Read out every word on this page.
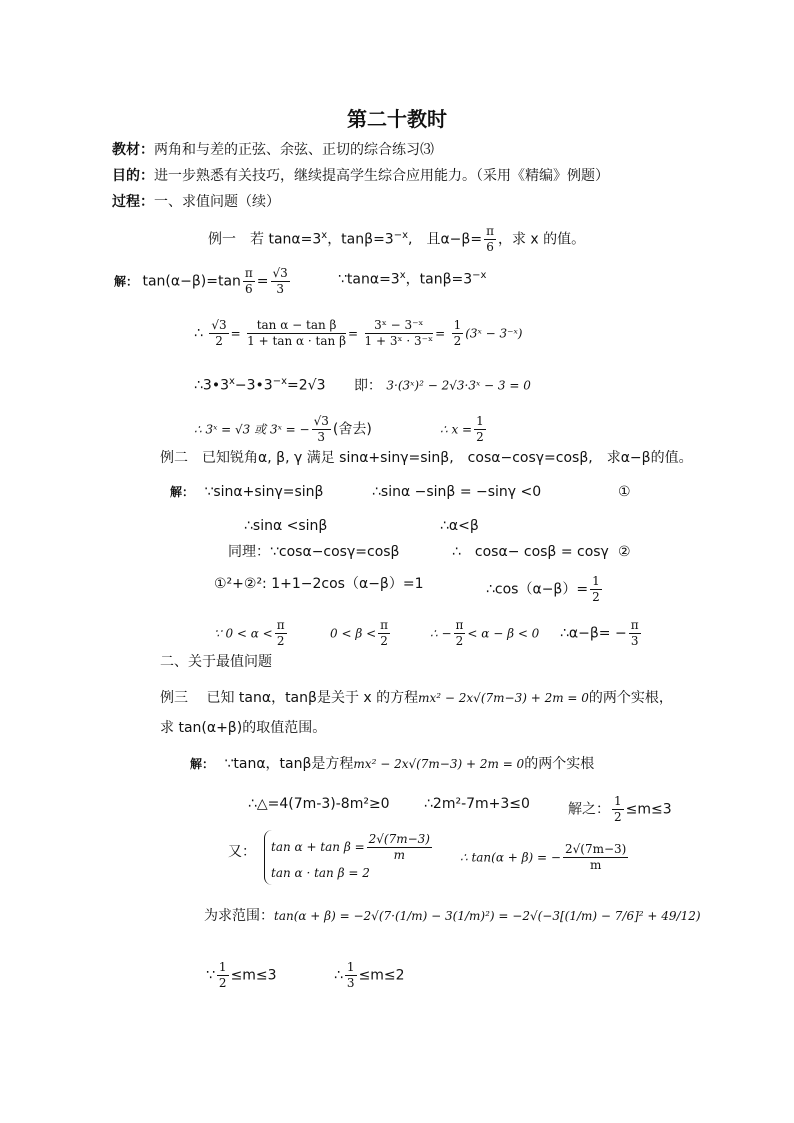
第二十教时
教材：两角和与差的正弦、余弦、正切的综合练习⑶
目的：进一步熟悉有关技巧，继续提高学生综合应用能力。（采用《精编》例题）
过程：一、求值问题（续）
例一　若 $\tan\alpha=3^x$，$\tan\beta=3^{-x}$,　且$\alpha-\beta= \frac{\pi}{6}$ ，求 x 的值。
解： $\tan(\alpha-\beta)=\tan \frac{\pi}{6} = \frac{√3}{3}$	$\because\tan\alpha=3^x$，$\tan\beta=3^{-x}$
∴ $\frac{√3}{2} = \frac{\text{tan α − tan β}}{\text{1 + tan α · tan β}} = \frac{\text{3ˣ − 3⁻ˣ}}{\text{1 + 3ˣ · 3⁻ˣ}} = \frac{1}{2}$ (3ˣ − 3⁻ˣ)
$\therefore 3•3^x-3•3^{-x}=2√3$ 即： 3·(3ˣ)² − 2√3·3ˣ − 3 = 0
∴ 3ˣ = √3 或 3ˣ = − $\frac{√3}{3}$ (舍去)	∴ $x = \frac{1}{2}$
例二　已知锐角α, β, γ 满足 sinα+sinγ=sinβ,　cosα−cosγ=cosβ,　求α−β的值。
解： ∵sinα+sinγ=sinβ	∴sinα −sinβ = −sinγ <0	①
∴sinα <sinβ	∴α<β
同理：∵cosα−cosγ=cosβ	∴　cosα− cosβ = cosγ ②
①²+②²: 1+1−2cos（α−β）=1	∴cos（α−β）= $\frac{1}{2}$
∵ $0 < \alpha < \frac{\pi}{2}$	$0 < \beta < \frac{\pi}{2}$	∴ − $\frac{\pi}{2} < \alpha - \beta < 0$ ∴α−β= − $\frac{\pi}{3}$
二、关于最值问题
例三　 已知 tanα，tanβ是关于 x 的方程mx² − 2x√(7m−3) + 2m = 0的两个实根，
求 tan(α+β)的取值范围。
解： ∵tanα，tanβ是方程mx² − 2x√(7m−3) + 2m = 0的两个实根
∴△=4(7m-3)-8m²≥0 ∴2m²-7m+3≤0	解之： $\frac{1}{2} \le m\le 3$
又： $\tan \alpha + \tan \beta = \frac{2√(7m-3)}{m}$
tan α · tan β = 2
∴ tan(α + β) = − $\frac{2√(7m-3)}{m}$
为求范围：tan(α + β) = −2√(7·(1/m) − 3(1/m)²) = −2√(−3[(1/m) − 7/6]² + 49/12)
∵ $\frac{1}{2} \le m\le 3$	∴ $\frac{1}{3} \le m\le 2$
